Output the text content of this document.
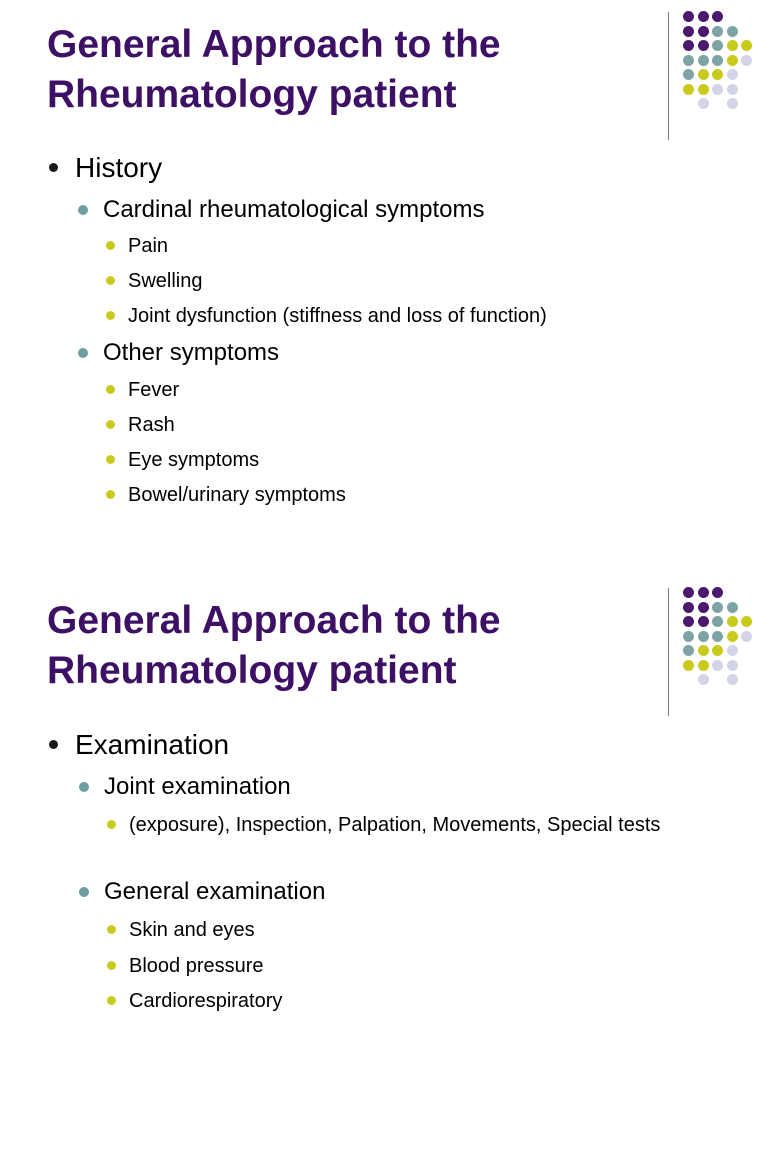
General Approach to the
Rheumatology patient

History

Cardinal rheumatological symptoms

Pain

Swelling

Joint dysfunction (stiffness and loss of function)

Other symptoms

Fever

Rash

Eye symptoms

Bowel/urinary symptoms

General Approach to the
Rheumatology patient

Examination

Joint examination

(exposure), Inspection, Palpation, Movements, Special tests

General examination

Skin and eyes

Blood pressure

Cardiorespiratory
